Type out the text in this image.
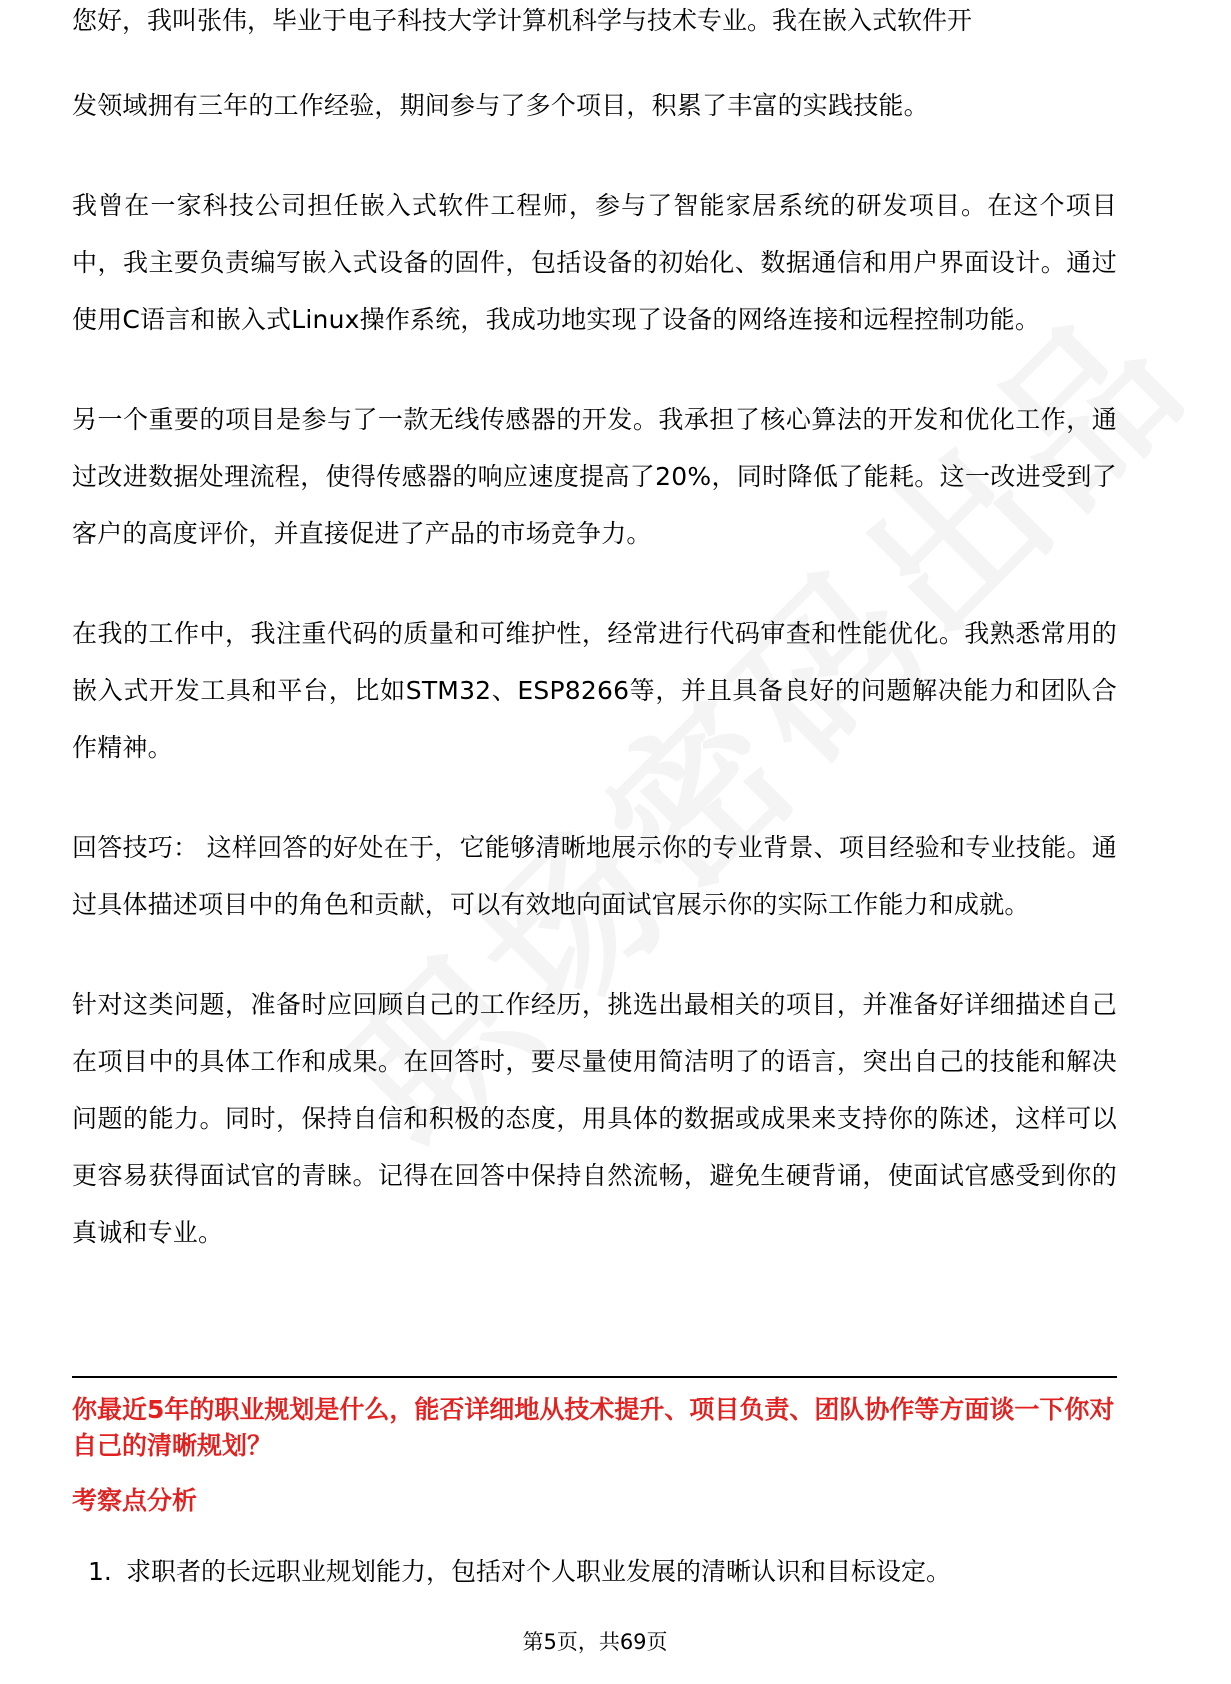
您好，我叫张伟，毕业于电子科技大学计算机科学与技术专业。我在嵌入式软件开

发领域拥有三年的工作经验，期间参与了多个项目，积累了丰富的实践技能。

我曾在一家科技公司担任嵌入式软件工程师，参与了智能家居系统的研发项目。在这个项目中，我主要负责编写嵌入式设备的固件，包括设备的初始化、数据通信和用户界面设计。通过使用C语言和嵌入式Linux操作系统，我成功地实现了设备的网络连接和远程控制功能。

另一个重要的项目是参与了一款无线传感器的开发。我承担了核心算法的开发和优化工作，通过改进数据处理流程，使得传感器的响应速度提高了20%，同时降低了能耗。这一改进受到了客户的高度评价，并直接促进了产品的市场竞争力。

在我的工作中，我注重代码的质量和可维护性，经常进行代码审查和性能优化。我熟悉常用的嵌入式开发工具和平台，比如STM32、ESP8266等，并且具备良好的问题解决能力和团队合作精神。

回答技巧： 这样回答的好处在于，它能够清晰地展示你的专业背景、项目经验和专业技能。通过具体描述项目中的角色和贡献，可以有效地向面试官展示你的实际工作能力和成就。

针对这类问题，准备时应回顾自己的工作经历，挑选出最相关的项目，并准备好详细描述自己在项目中的具体工作和成果。在回答时，要尽量使用简洁明了的语言，突出自己的技能和解决问题的能力。同时，保持自信和积极的态度，用具体的数据或成果来支持你的陈述，这样可以更容易获得面试官的青睐。记得在回答中保持自然流畅，避免生硬背诵，使面试官感受到你的真诚和专业。

你最近5年的职业规划是什么，能否详细地从技术提升、项目负责、团队协作等方面谈一下你对自己的清晰规划？

考察点分析

1. 求职者的长远职业规划能力，包括对个人职业发展的清晰认识和目标设定。
第5页，共69页
